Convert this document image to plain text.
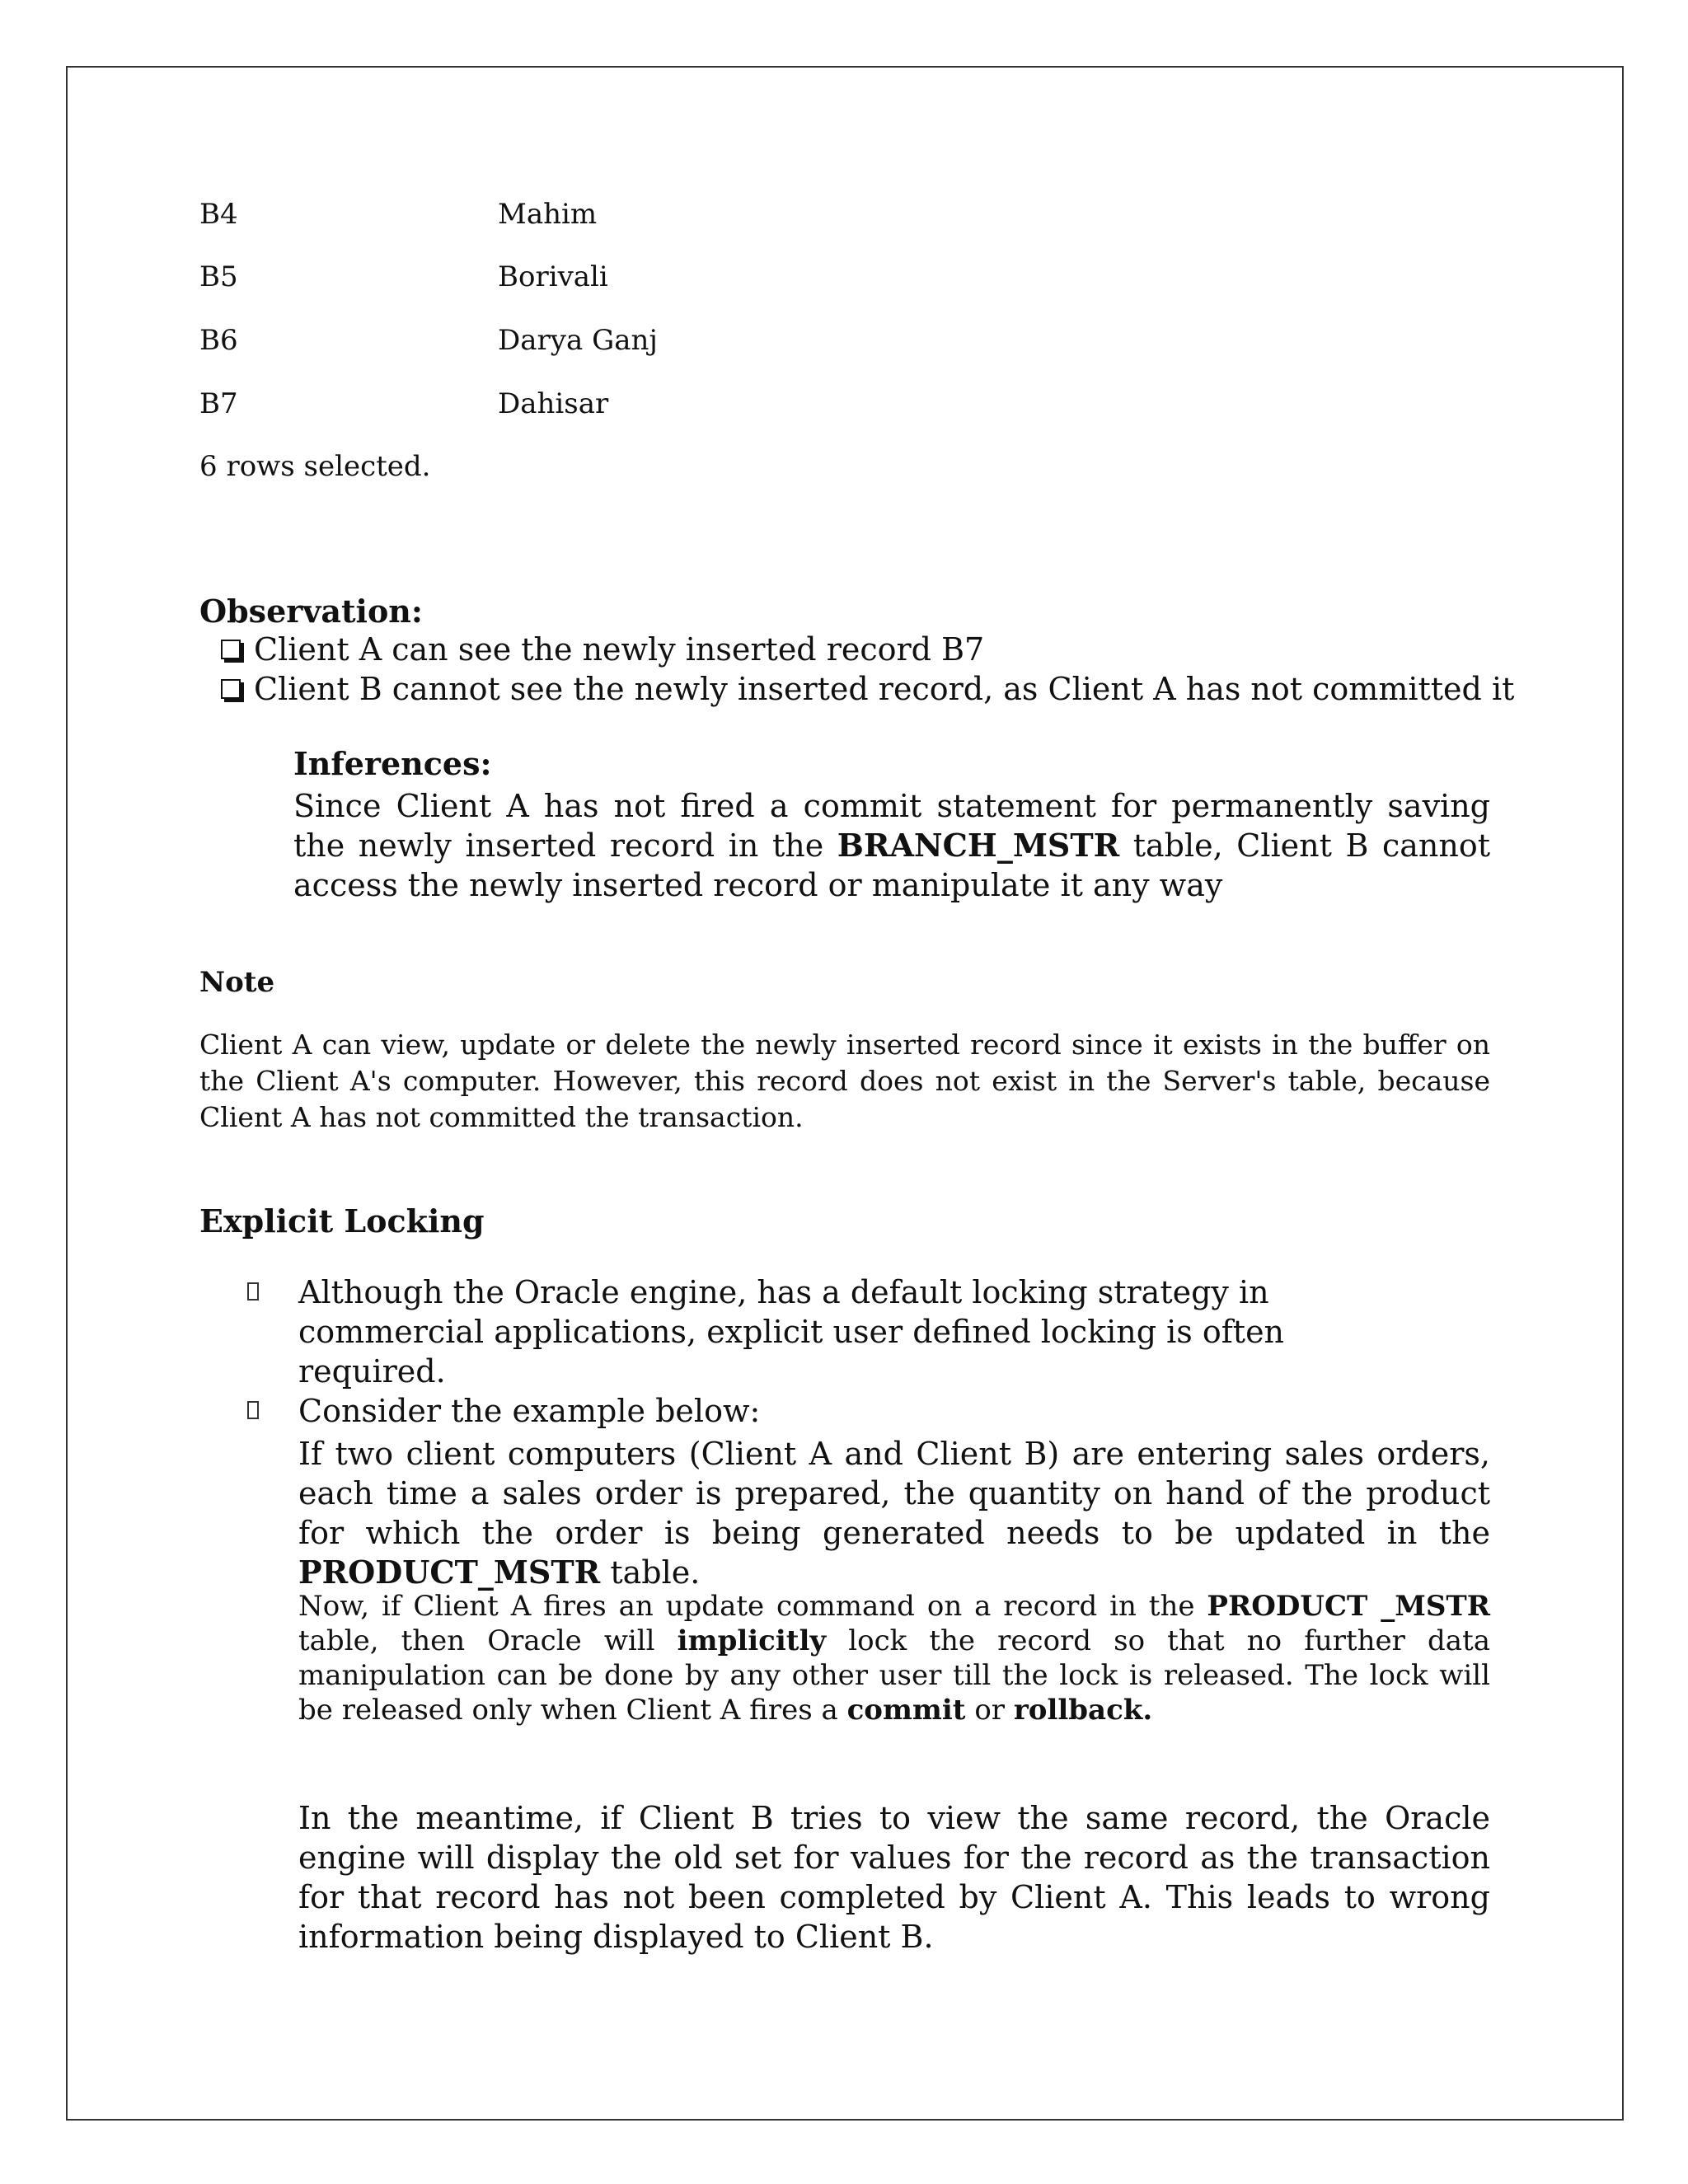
B4	Mahim
B5	Borivali
B6	Darya Ganj
B7	Dahisar
6 rows selected.
Observation:
Client A can see the newly inserted record B7
Client B cannot see the newly inserted record, as Client A has not committed it
Inferences:

Since Client A has not fired a commit statement for permanently saving the newly inserted record in the BRANCH_MSTR table, Client B cannot access the newly inserted record or manipulate it any way

Note

Client A can view, update or delete the newly inserted record since it exists in the buffer on the Client A's computer. However, this record does not exist in the Server's table, because Client A has not committed the transaction.

Explicit Locking
Although the Oracle engine, has a default locking strategy in commercial applications, explicit user defined locking is often required.
Consider the example below:

If two client computers (Client A and Client B) are entering sales orders, each time a sales order is prepared, the quantity on hand of the product for which the order is being generated needs to be updated in the PRODUCT_MSTR table.

Now, if Client A fires an update command on a record in the PRODUCT _MSTR table, then Oracle will implicitly lock the record so that no further data manipulation can be done by any other user till the lock is released. The lock will be released only when Client A fires a commit or rollback.

In the meantime, if Client B tries to view the same record, the Oracle engine will display the old set for values for the record as the transaction for that record has not been completed by Client A. This leads to wrong information being displayed to Client B.
